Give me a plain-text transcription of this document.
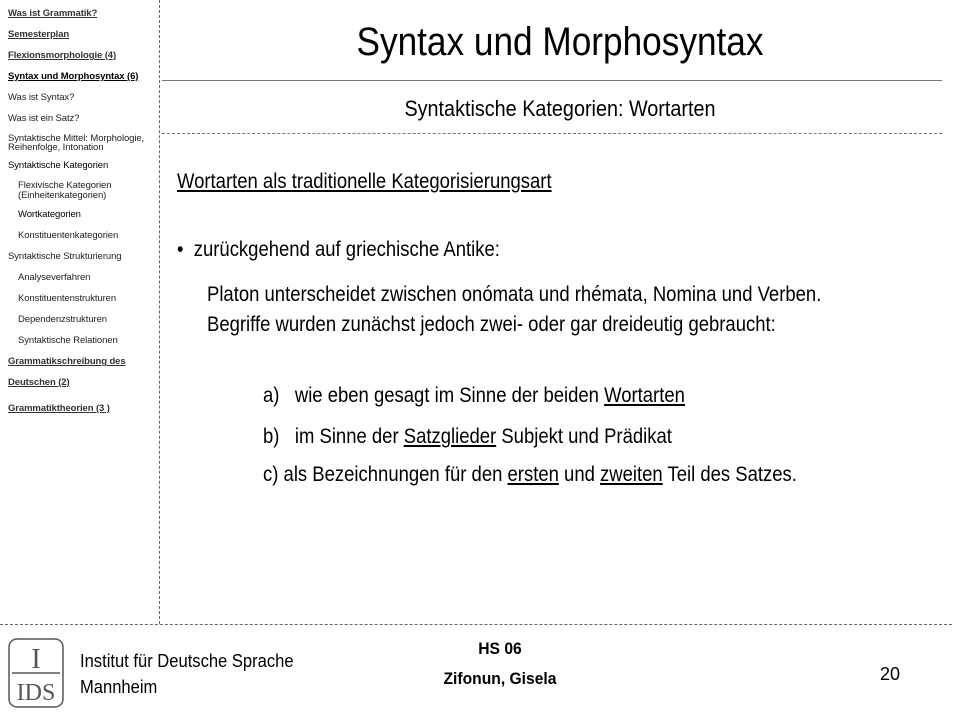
Was ist Grammatik?
Semesterplan
Flexionsmorphologie (4)
Syntax und Morphosyntax (6)
Was ist Syntax?
Was ist ein Satz?
Syntaktische Mittel: Morphologie, Reihenfolge, Intonation
Syntaktische Kategorien
Flexivische Kategorien (Einheitenkategorien)
Wortkategorien
Konstituentenkategorien
Syntaktische Strukturierung
Analyseverfahren
Konstituentenstrukturen
Dependenzstrukturen
Syntaktische Relationen
Grammatikschreibung des Deutschen (2)
Grammatiktheorien (3 )
Syntax und Morphosyntax
Syntaktische Kategorien: Wortarten
Wortarten als traditionelle Kategorisierungsart
•  zurückgehend auf griechische Antike:
Platon unterscheidet zwischen onómata und rhémata, Nomina und Verben.
Begriffe wurden zunächst jedoch zwei- oder gar dreideutig gebraucht:
a) wie eben gesagt im Sinne der beiden Wortarten
b) im Sinne der Satzglieder Subjekt und Prädikat
c) als Bezeichnungen für den ersten und zweiten Teil des Satzes.
I
IDS
Institut für Deutsche Sprache
Mannheim
HS 06
Zifonun, Gisela	20
